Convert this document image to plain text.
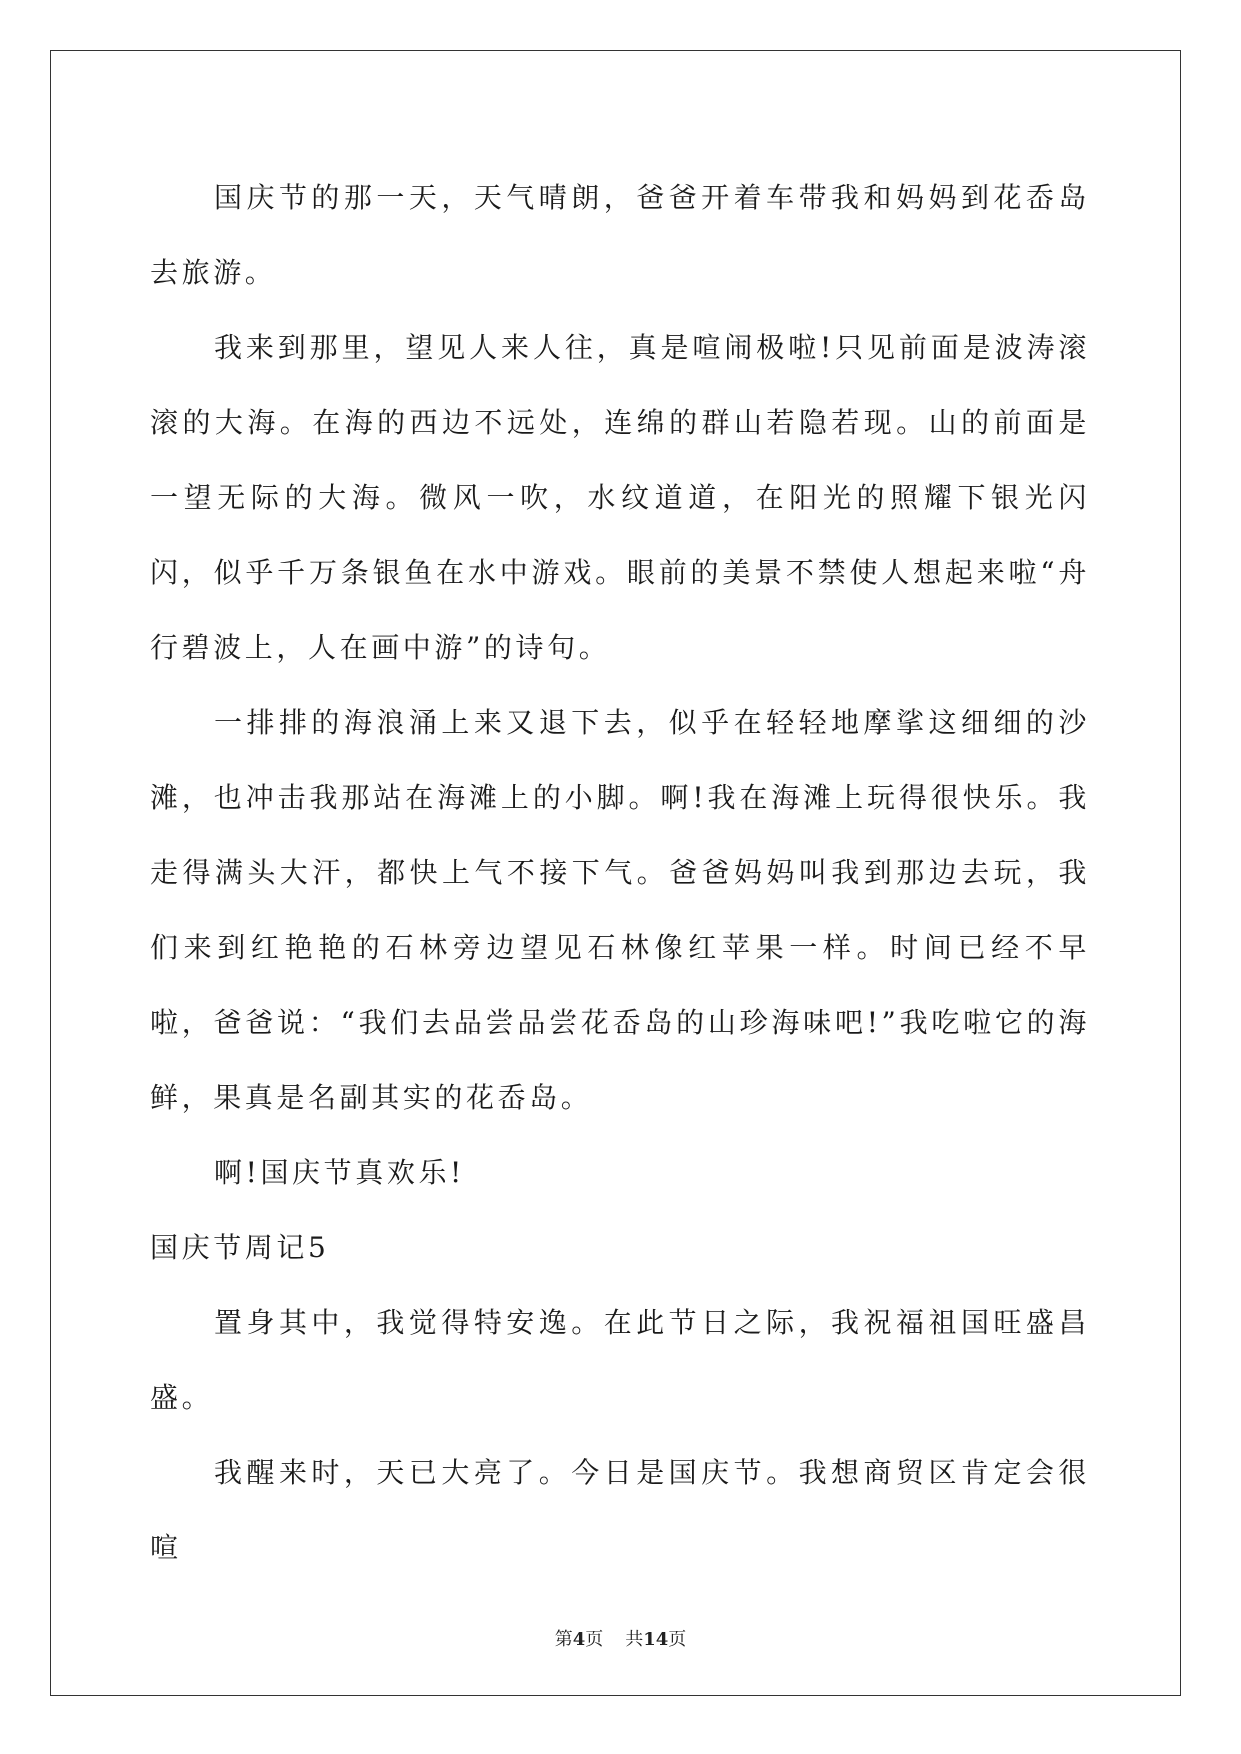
国庆节的那一天，天气晴朗，爸爸开着车带我和妈妈到花岙岛去旅游。

我来到那里，望见人来人往，真是喧闹极啦!只见前面是波涛滚滚的大海。在海的西边不远处，连绵的群山若隐若现。山的前面是一望无际的大海。微风一吹，水纹道道，在阳光的照耀下银光闪闪，似乎千万条银鱼在水中游戏。眼前的美景不禁使人想起来啦“舟行碧波上，人在画中游”的诗句。

一排排的海浪涌上来又退下去，似乎在轻轻地摩挲这细细的沙滩，也冲击我那站在海滩上的小脚。啊!我在海滩上玩得很快乐。我走得满头大汗，都快上气不接下气。爸爸妈妈叫我到那边去玩，我们来到红艳艳的石林旁边望见石林像红苹果一样。时间已经不早啦，爸爸说：“我们去品尝品尝花岙岛的山珍海味吧!”我吃啦它的海鲜，果真是名副其实的花岙岛。

啊!国庆节真欢乐!

国庆节周记5

置身其中，我觉得特安逸。在此节日之际，我祝福祖国旺盛昌盛。

我醒来时，天已大亮了。今日是国庆节。我想商贸区肯定会很喧

第4页 共14页
